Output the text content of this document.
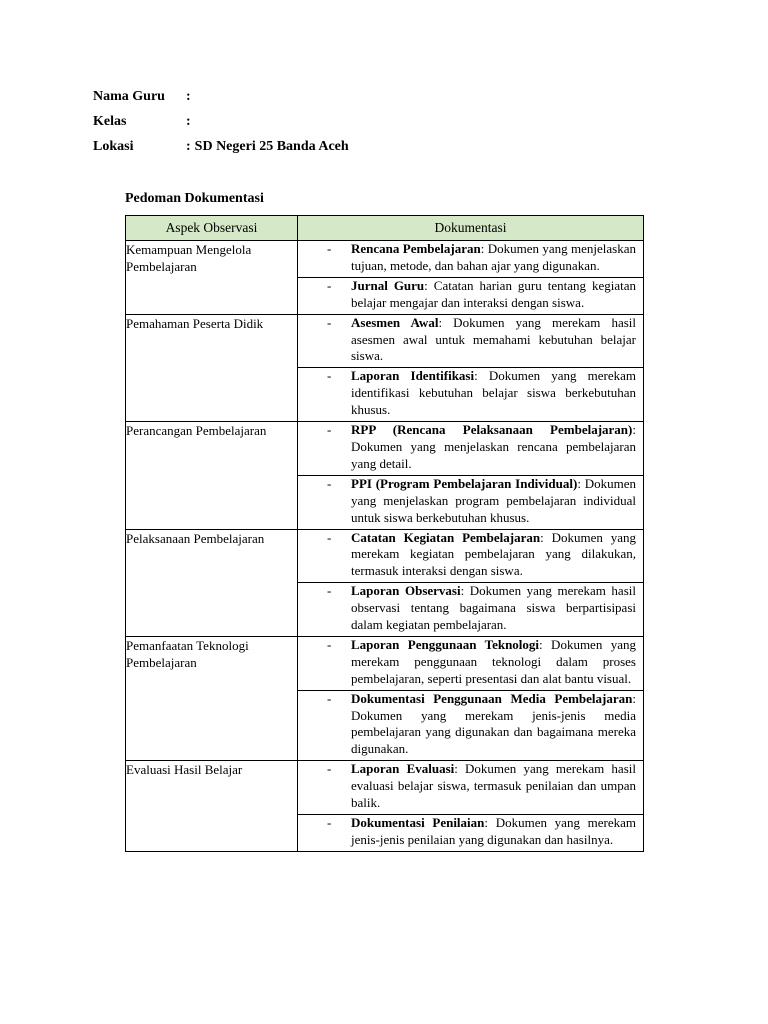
Nama Guru :
Kelas	:
Lokasi	: SD Negeri 25 Banda Aceh
Pedoman Dokumentasi
Aspek Observasi	Dokumentasi
Kemampuan Mengelola Pembelajaran	- Rencana Pembelajaran: Dokumen yang menjelaskan tujuan, metode, dan bahan ajar yang digunakan.

	- Jurnal Guru: Catatan harian guru tentang kegiatan belajar mengajar dan interaksi dengan siswa.

Pemahaman Peserta Didik	- Asesmen Awal: Dokumen yang merekam hasil asesmen awal untuk memahami kebutuhan belajar siswa.

	- Laporan Identifikasi: Dokumen yang merekam identifikasi kebutuhan belajar siswa berkebutuhan khusus.

Perancangan Pembelajaran	- RPP (Rencana Pelaksanaan Pembelajaran): Dokumen yang menjelaskan rencana pembelajaran yang detail.

	- PPI (Program Pembelajaran Individual): Dokumen yang menjelaskan program pembelajaran individual untuk siswa berkebutuhan khusus.

Pelaksanaan Pembelajaran	- Catatan Kegiatan Pembelajaran: Dokumen yang merekam kegiatan pembelajaran yang dilakukan, termasuk interaksi dengan siswa.

	- Laporan Observasi: Dokumen yang merekam hasil observasi tentang bagaimana siswa berpartisipasi dalam kegiatan pembelajaran.

Pemanfaatan Teknologi Pembelajaran	- Laporan Penggunaan Teknologi: Dokumen yang merekam penggunaan teknologi dalam proses pembelajaran, seperti presentasi dan alat bantu visual.

	- Dokumentasi Penggunaan Media Pembelajaran: Dokumen yang merekam jenis-jenis media pembelajaran yang digunakan dan bagaimana mereka digunakan.

Evaluasi Hasil Belajar	- Laporan Evaluasi: Dokumen yang merekam hasil evaluasi belajar siswa, termasuk penilaian dan umpan balik.

	- Dokumentasi Penilaian: Dokumen yang merekam jenis-jenis penilaian yang digunakan dan hasilnya.
